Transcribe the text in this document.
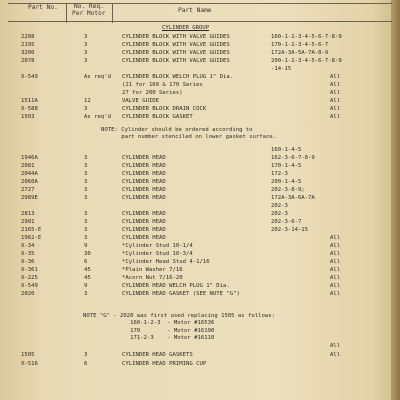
Part No.	No. Req.
Per Motor	Part Name
CYLINDER GROUP
2208	3	CYLINDER BLOCK WITH VALVE GUIDES	160-1-2-3-4-5-6-7-8-9
2195	3	CYLINDER BLOCK WITH VALVE GUIDES	170-1-2-3-4-5-6-7
3200	3	CYLINDER BLOCK WITH VALVE GUIDES	172A-3A-5A-7A-8-9
2078	3	CYLINDER BLOCK WITH VALVE GUIDES	200-1-2-3-4-5-6-7-8-9
-14-15
X-549	As req'd CYLINDER BLOCK WELCH PLUG 1" Dia.	All
(21 for 160 & 170 Series	All
27 for 200 Series)	All
1511A	12	VALVE GUIDE	All
X-588	3	CYLINDER BLOCK DRAIN COCK	All
1503	As req'd CYLINDER BLOCK GASKET	All
NOTE: Cylinder should be ordered according to
part number stenciled on lower gasket surface.
160-1-4-5
1946A	3	CYLINDER HEAD	162-3-6-7-8-9
2081	3	CYLINDER HEAD	170-1-4-5
2044A	3	CYLINDER HEAD	172-3
2060A	3	CYLINDER HEAD	200-1-4-5
2727	3	CYLINDER HEAD	202-3-8-9;
2989E	3	CYLINDER HEAD	172A-3A-6A-7A
202-3
2813	3	CYLINDER HEAD	202-3
2901	3	CYLINDER HEAD	202-3-6-7
2165-E	3	CYLINDER HEAD	202-3-14-15
1962-E	3	CYLINDER HEAD	All
X-34	9	*Cylinder Stud 10-1/4	All
X-35	30	*Cylinder Stud 10-3/4	All
X-36	6	*Cylinder Head Stud 4-1/16	All
X-361	45	*Plain Washer 7/16	All
X-225	45	*Acorn Nut 7/16-20	All
X-549	9	CYLINDER HEAD WELCH PLUG 1" Dia.	All
2020	3	CYLINDER HEAD GASKET (SEE NOTE "G")	All
NOTE "G" - 2020 was first used replacing 1505 as follows:
160-1-2-3  - Motor #16536
170        - Motor #16190
171-2-3    - Motor #16110
All
1505	3	CYLINDER HEAD GASKETS	All
X-516	6	CYLINDER HEAD PRIMING CUP
